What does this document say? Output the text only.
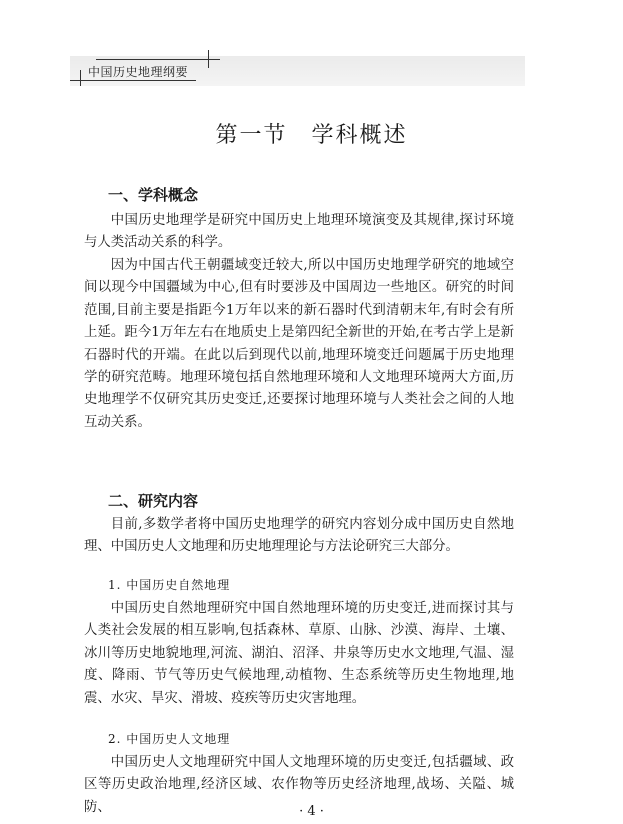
中国历史地理纲要
第一节 学科概述
一、学科概念

中国历史地理学是研究中国历史上地理环境演变及其规律,探讨环境与人类活动关系的科学。

因为中国古代王朝疆域变迁较大,所以中国历史地理学研究的地域空间以现今中国疆域为中心,但有时要涉及中国周边一些地区。研究的时间范围,目前主要是指距今1万年以来的新石器时代到清朝末年,有时会有所上延。距今1万年左右在地质史上是第四纪全新世的开始,在考古学上是新石器时代的开端。在此以后到现代以前,地理环境变迁问题属于历史地理学的研究范畴。地理环境包括自然地理环境和人文地理环境两大方面,历史地理学不仅研究其历史变迁,还要探讨地理环境与人类社会之间的人地互动关系。

二、研究内容

目前,多数学者将中国历史地理学的研究内容划分成中国历史自然地理、中国历史人文地理和历史地理理论与方法论研究三大部分。

1. 中国历史自然地理

中国历史自然地理研究中国自然地理环境的历史变迁,进而探讨其与人类社会发展的相互影响,包括森林、草原、山脉、沙漠、海岸、土壤、冰川等历史地貌地理,河流、湖泊、沼泽、井泉等历史水文地理,气温、湿度、降雨、节气等历史气候地理,动植物、生态系统等历史生物地理,地震、水灾、旱灾、滑坡、疫疾等历史灾害地理。

2. 中国历史人文地理

中国历史人文地理研究中国人文地理环境的历史变迁,包括疆域、政区等历史政治地理,经济区域、农作物等历史经济地理,战场、关隘、城防、	· 4 ·
